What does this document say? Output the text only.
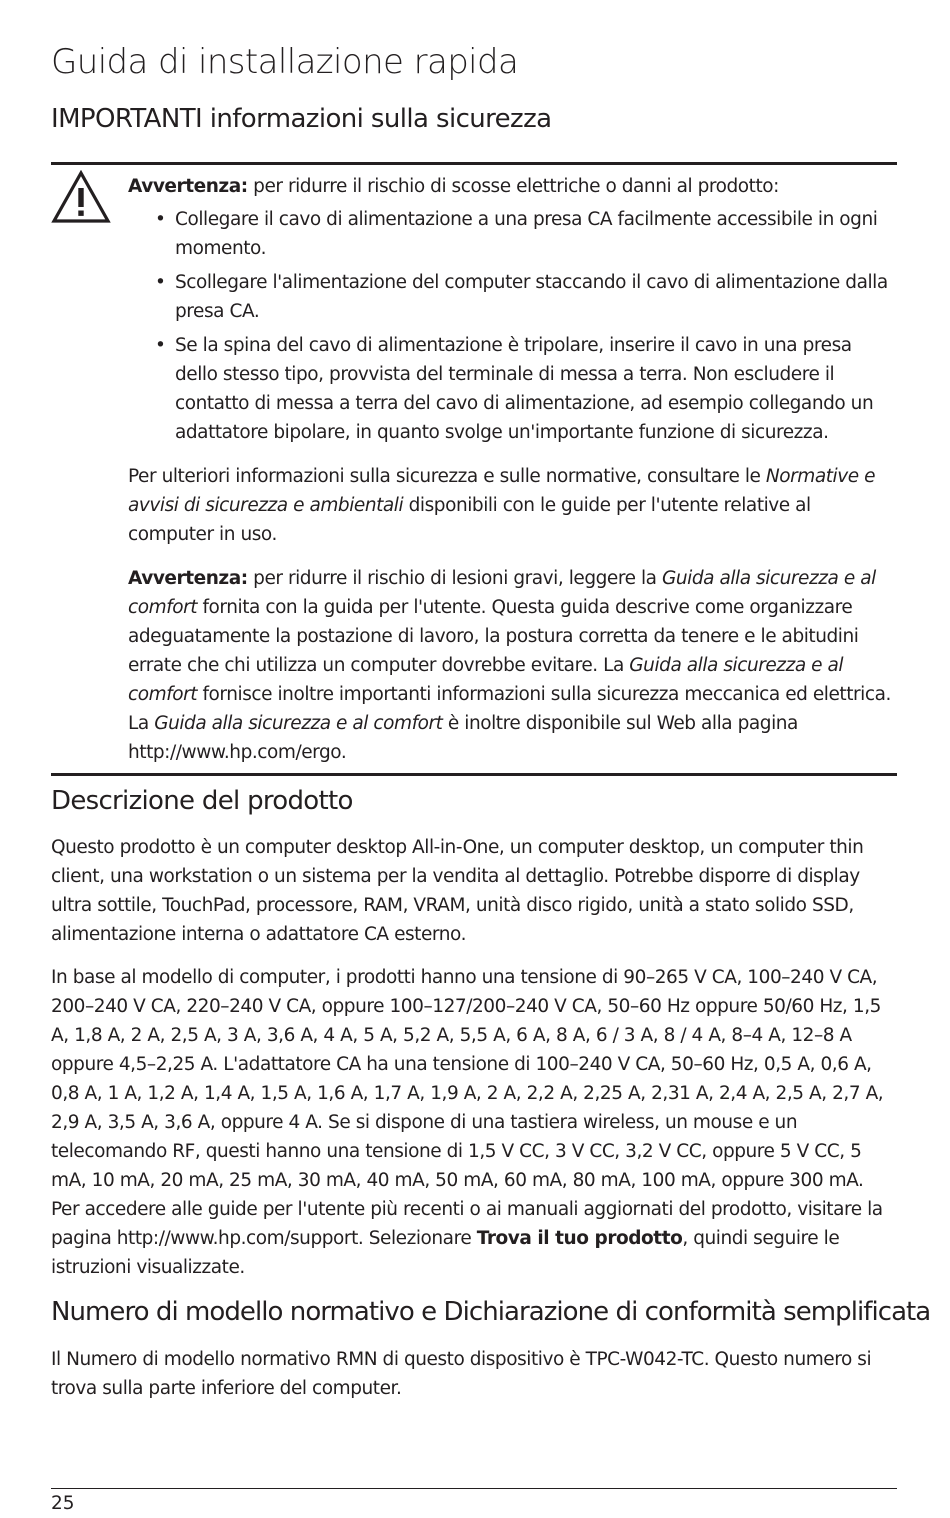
Guida di installazione rapida
IMPORTANTI informazioni sulla sicurezza

Avvertenza: per ridurre il rischio di scosse elettriche o danni al prodotto:

• Collegare il cavo di alimentazione a una presa CA facilmente accessibile in ogni momento.
• Scollegare l'alimentazione del computer staccando il cavo di alimentazione dalla presa CA.
• Se la spina del cavo di alimentazione è tripolare, inserire il cavo in una presa dello stesso tipo, provvista del terminale di messa a terra. Non escludere il contatto di messa a terra del cavo di alimentazione, ad esempio collegando un adattatore bipolare, in quanto svolge un'importante funzione di sicurezza.

Per ulteriori informazioni sulla sicurezza e sulle normative, consultare le Normative e avvisi di sicurezza e ambientali disponibili con le guide per l'utente relative al computer in uso.

Avvertenza: per ridurre il rischio di lesioni gravi, leggere la Guida alla sicurezza e al comfort fornita con la guida per l'utente. Questa guida descrive come organizzare adeguatamente la postazione di lavoro, la postura corretta da tenere e le abitudini errate che chi utilizza un computer dovrebbe evitare. La Guida alla sicurezza e al comfort fornisce inoltre importanti informazioni sulla sicurezza meccanica ed elettrica. La Guida alla sicurezza e al comfort è inoltre disponibile sul Web alla pagina http://www.hp.com/ergo.

Descrizione del prodotto

Questo prodotto è un computer desktop All-in-One, un computer desktop, un computer thin client, una workstation o un sistema per la vendita al dettaglio. Potrebbe disporre di display ultra sottile, TouchPad, processore, RAM, VRAM, unità disco rigido, unità a stato solido SSD, alimentazione interna o adattatore CA esterno.

In base al modello di computer, i prodotti hanno una tensione di 90–265 V CA, 100–240 V CA, 200–240 V CA, 220–240 V CA, oppure 100–127/200–240 V CA, 50–60 Hz oppure 50/60 Hz, 1,5 A, 1,8 A, 2 A, 2,5 A, 3 A, 3,6 A, 4 A, 5 A, 5,2 A, 5,5 A, 6 A, 8 A, 6 / 3 A, 8 / 4 A, 8–4 A, 12–8 A oppure 4,5–2,25 A. L'adattatore CA ha una tensione di 100–240 V CA, 50–60 Hz, 0,5 A, 0,6 A, 0,8 A, 1 A, 1,2 A, 1,4 A, 1,5 A, 1,6 A, 1,7 A, 1,9 A, 2 A, 2,2 A, 2,25 A, 2,31 A, 2,4 A, 2,5 A, 2,7 A, 2,9 A, 3,5 A, 3,6 A, oppure 4 A. Se si dispone di una tastiera wireless, un mouse e un telecomando RF, questi hanno una tensione di 1,5 V CC, 3 V CC, 3,2 V CC, oppure 5 V CC, 5 mA, 10 mA, 20 mA, 25 mA, 30 mA, 40 mA, 50 mA, 60 mA, 80 mA, 100 mA, oppure 300 mA. Per accedere alle guide per l'utente più recenti o ai manuali aggiornati del prodotto, visitare la pagina http://www.hp.com/support. Selezionare Trova il tuo prodotto, quindi seguire le istruzioni visualizzate.

Numero di modello normativo e Dichiarazione di conformità semplificata

Il Numero di modello normativo RMN di questo dispositivo è TPC-W042-TC. Questo numero si trova sulla parte inferiore del computer.

25
